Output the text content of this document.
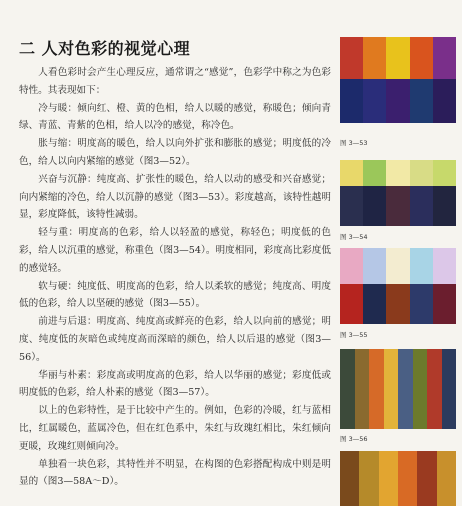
二 人对色彩的视觉心理

人看色彩时会产生心理反应，通常谓之“感觉”，色彩学中称之为色彩特性。其表现如下：

冷与暖：倾向红、橙、黄的色相，给人以暖的感觉，称暖色；倾向青绿、青蓝、青紫的色相，给人以冷的感觉，称冷色。

胀与缩：明度高的暖色，给人以向外扩张和膨胀的感觉；明度低的冷色，给人以向内紧缩的感觉（图3—52）。

兴奋与沉静：纯度高、扩张性的暖色，给人以动的感受和兴奋感觉；向内紧缩的冷色，给人以沉静的感觉（图3—53）。彩度越高，该特性越明显，彩度降低，该特性减弱。

轻与重：明度高的色彩，给人以轻盈的感觉，称轻色；明度低的色彩，给人以沉重的感觉，称重色（图3—54）。明度相同，彩度高比彩度低的感觉轻。

软与硬：纯度低、明度高的色彩，给人以柔软的感觉；纯度高、明度低的色彩，给人以坚硬的感觉（图3—55）。

前进与后退：明度高、纯度高或鲜亮的色彩，给人以向前的感觉；明度、纯度低的灰暗色或纯度高而深暗的颜色，给人以后退的感觉（图3—56）。

华丽与朴素：彩度高或明度高的色彩，给人以华丽的感觉；彩度低或明度低的色彩，给人朴素的感觉（图3—57）。

以上的色彩特性，是于比较中产生的。例如，色彩的冷暖，红与蓝相比，红属暖色，蓝属冷色，但在红色系中，朱红与玫瑰红相比，朱红倾向更暖，玫瑰红则倾向冷。

单独看一块色彩，其特性并不明显，在构图的色彩搭配构成中则是明显的（图3—58A～D）。

图 3—53
图 3—54
图 3—55
图 3—56
